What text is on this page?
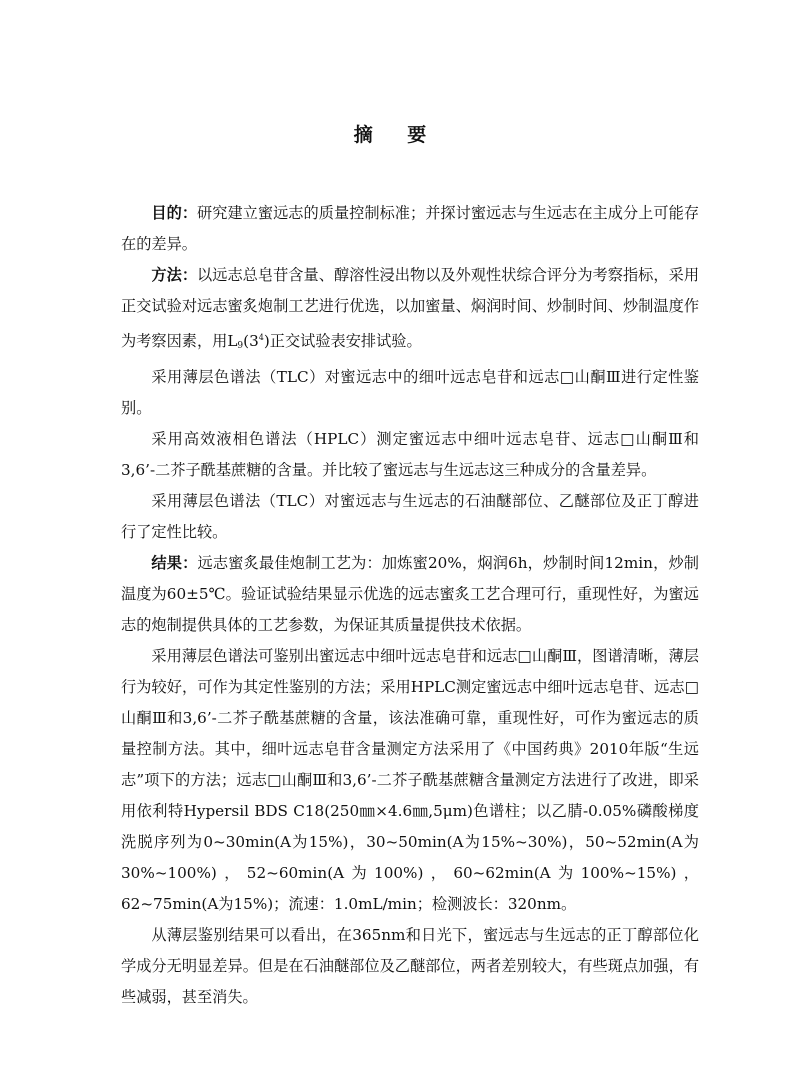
摘 要

目的：研究建立蜜远志的质量控制标准；并探讨蜜远志与生远志在主成分上可能存在的差异。

方法：以远志总皂苷含量、醇溶性浸出物以及外观性状综合评分为考察指标，采用正交试验对远志蜜炙炮制工艺进行优选，以加蜜量、焖润时间、炒制时间、炒制温度作为考察因素，用$L_9(3^4)$正交试验表安排试验。

采用薄层色谱法（TLC）对蜜远志中的细叶远志皂苷和远志□山酮Ⅲ进行定性鉴别。

采用高效液相色谱法（HPLC）测定蜜远志中细叶远志皂苷、远志□山酮Ⅲ和3,6’-二芥子酰基蔗糖的含量。并比较了蜜远志与生远志这三种成分的含量差异。

采用薄层色谱法（TLC）对蜜远志与生远志的石油醚部位、乙醚部位及正丁醇进行了定性比较。

结果：远志蜜炙最佳炮制工艺为：加炼蜜20%，焖润6h，炒制时间12min，炒制温度为60±5℃。验证试验结果显示优选的远志蜜炙工艺合理可行，重现性好，为蜜远志的炮制提供具体的工艺参数，为保证其质量提供技术依据。

采用薄层色谱法可鉴别出蜜远志中细叶远志皂苷和远志□山酮Ⅲ，图谱清晰，薄层行为较好，可作为其定性鉴别的方法；采用HPLC测定蜜远志中细叶远志皂苷、远志□山酮Ⅲ和3,6’-二芥子酰基蔗糖的含量，该法准确可靠，重现性好，可作为蜜远志的质量控制方法。其中，细叶远志皂苷含量测定方法采用了《中国药典》2010年版“生远志”项下的方法；远志□山酮Ⅲ和3,6’-二芥子酰基蔗糖含量测定方法进行了改进，即采用依利特Hypersil BDS C18(250㎜×4.6㎜,5μm)色谱柱；以乙腈-0.05%磷酸梯度洗脱序列为0~30min(A为15%)，30~50min(A为15%~30%)，50~52min(A为30%~100%)，52~60min(A为100%)，60~62min(A为100%~15%)，62~75min(A为15%)；流速：1.0mL/min；检测波长：320nm。

从薄层鉴别结果可以看出，在365nm和日光下，蜜远志与生远志的正丁醇部位化学成分无明显差异。但是在石油醚部位及乙醚部位，两者差别较大，有些斑点加强，有些减弱，甚至消失。
